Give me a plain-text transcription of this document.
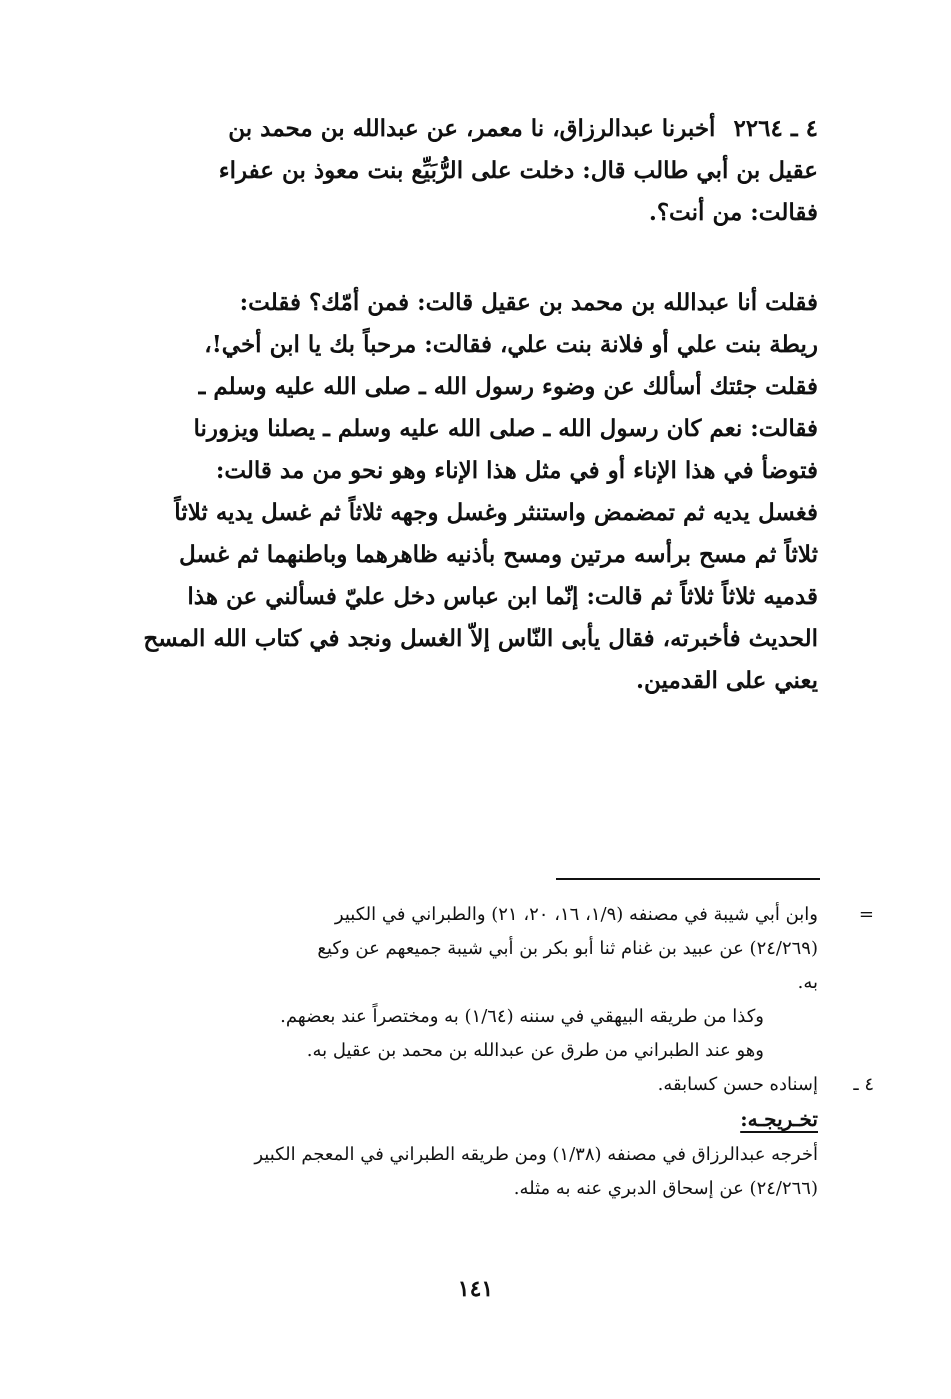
٤ ـ ٢٢٦٤أخبرنا عبدالرزاق، نا معمر، عن عبدالله بن محمد بن
عقيل بن أبي طالب قال: دخلت على الرُّبَيِّع بنت معوذ بن عفراء
فقالت: من أنت؟.
فقلت أنا عبدالله بن محمد بن عقيل قالت: فمن أمّك؟ فقلت:
ريطة بنت علي أو فلانة بنت علي، فقالت: مرحباً بك يا ابن أخي!،
فقلت جئتك أسألك عن وضوء رسول الله ـ صلى الله عليه وسلم ـ
فقالت: نعم كان رسول الله ـ صلى الله عليه وسلم ـ يصلنا ويزورنا
فتوضأ في هذا الإناء أو في مثل هذا الإناء وهو نحو من مد قالت:
فغسل يديه ثم تمضمض واستنثر وغسل وجهه ثلاثاً ثم غسل يديه ثلاثاً
ثلاثاً ثم مسح برأسه مرتين ومسح بأذنيه ظاهرهما وباطنهما ثم غسل
قدميه ثلاثاً ثلاثاً ثم قالت: إنّما ابن عباس دخل عليّ فسألني عن هذا
الحديث فأخبرته، فقال يأبى النّاس إلاّ الغسل ونجد في كتاب الله المسح
يعني على القدمين.
=
وابن أبي شيبة في مصنفه (١/٩، ١٦، ٢٠، ٢١) والطبراني في الكبير
(٢٤/٢٦٩) عن عبيد بن غنام ثنا أبو بكر بن أبي شيبة جميعهم عن وكيع
به.
وكذا من طريقه البيهقي في سننه (١/٦٤) به ومختصراً عند بعضهم.
وهو عند الطبراني من طرق عن عبدالله بن محمد بن عقيل به.
٤ ـ
إسناده حسن كسابقه.
تخـريجـه:
أخرجه عبدالرزاق في مصنفه (١/٣٨) ومن طريقه الطبراني في المعجم الكبير
(٢٤/٢٦٦) عن إسحاق الدبري عنه به مثله.
١٤١
